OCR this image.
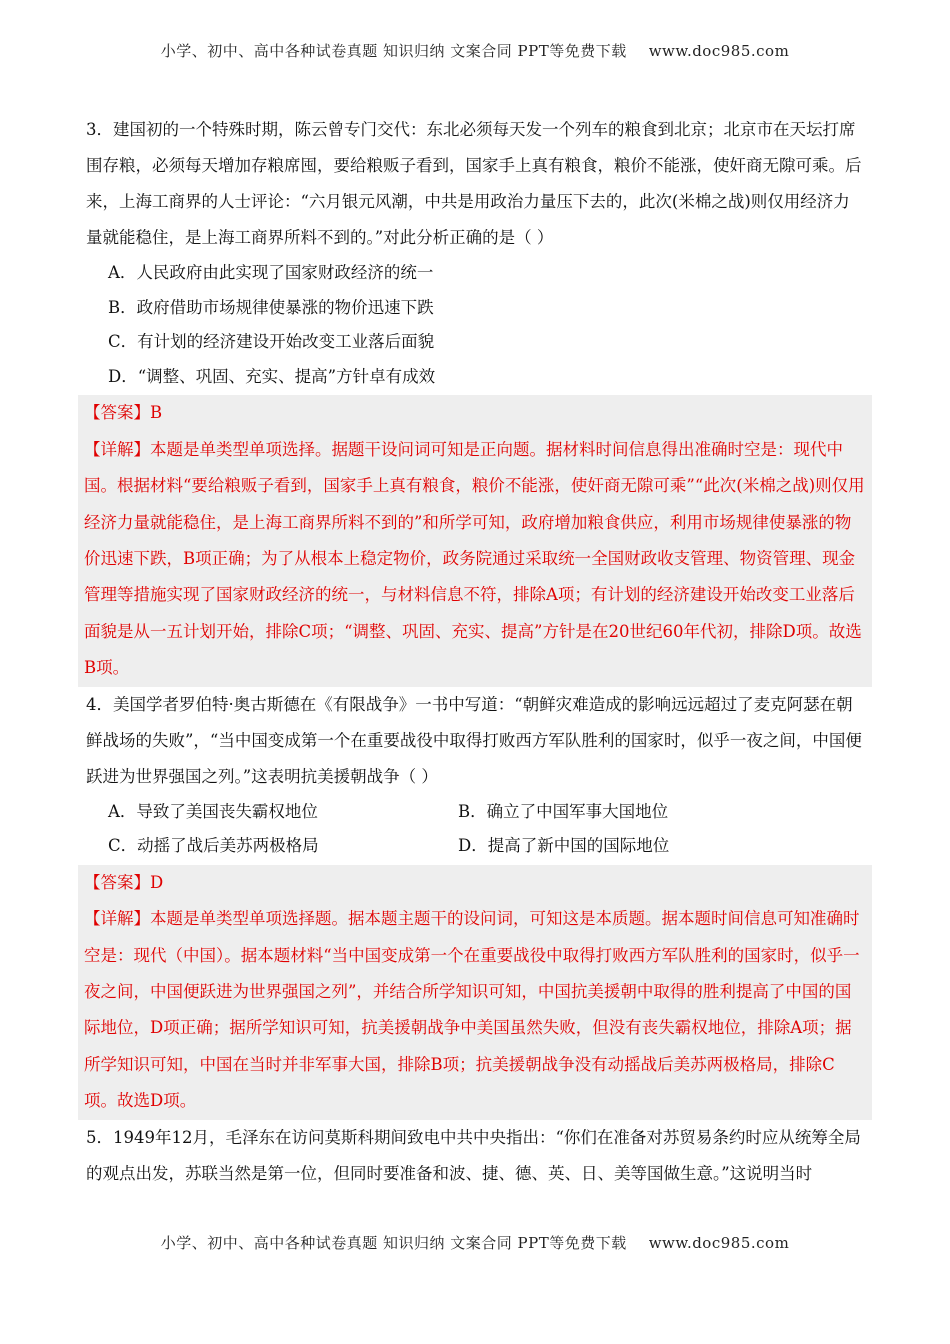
小学、初中、高中各种试卷真题 知识归纳 文案合同 PPT等免费下载 www.doc985.com

3．建国初的一个特殊时期，陈云曾专门交代：东北必须每天发一个列车的粮食到北京；北京市在天坛打席围存粮，必须每天增加存粮席囤，要给粮贩子看到，国家手上真有粮食，粮价不能涨，使奸商无隙可乘。后来，上海工商界的人士评论：“六月银元风潮，中共是用政治力量压下去的，此次(米棉之战)则仅用经济力量就能稳住，是上海工商界所料不到的。”对此分析正确的是（ ）

A．人民政府由此实现了国家财政经济的统一
B．政府借助市场规律使暴涨的物价迅速下跌
C．有计划的经济建设开始改变工业落后面貌
D．“调整、巩固、充实、提高”方针卓有成效
【答案】B
【详解】本题是单类型单项选择。据题干设问词可知是正向题。据材料时间信息得出准确时空是：现代中国。根据材料“要给粮贩子看到，国家手上真有粮食，粮价不能涨，使奸商无隙可乘”“此次(米棉之战)则仅用经济力量就能稳住，是上海工商界所料不到的”和所学可知，政府增加粮食供应，利用市场规律使暴涨的物价迅速下跌，B项正确；为了从根本上稳定物价，政务院通过采取统一全国财政收支管理、物资管理、现金管理等措施实现了国家财政经济的统一，与材料信息不符，排除A项；有计划的经济建设开始改变工业落后面貌是从一五计划开始，排除C项；“调整、巩固、充实、提高”方针是在20世纪60年代初，排除D项。故选B项。

4．美国学者罗伯特·奥古斯德在《有限战争》一书中写道：“朝鲜灾难造成的影响远远超过了麦克阿瑟在朝鲜战场的失败”，“当中国变成第一个在重要战役中取得打败西方军队胜利的国家时，似乎一夜之间，中国便跃进为世界强国之列。”这表明抗美援朝战争（ ）

A．导致了美国丧失霸权地位	B．确立了中国军事大国地位
C．动摇了战后美苏两极格局	D．提高了新中国的国际地位
【答案】D
【详解】本题是单类型单项选择题。据本题主题干的设问词，可知这是本质题。据本题时间信息可知准确时空是：现代（中国）。据本题材料“当中国变成第一个在重要战役中取得打败西方军队胜利的国家时，似乎一夜之间，中国便跃进为世界强国之列”，并结合所学知识可知，中国抗美援朝中取得的胜利提高了中国的国际地位，D项正确；据所学知识可知，抗美援朝战争中美国虽然失败，但没有丧失霸权地位，排除A项；据所学知识可知，中国在当时并非军事大国，排除B项；抗美援朝战争没有动摇战后美苏两极格局，排除C项。故选D项。

5．1949年12月，毛泽东在访问莫斯科期间致电中共中央指出：“你们在准备对苏贸易条约时应从统筹全局的观点出发，苏联当然是第一位，但同时要准备和波、捷、德、英、日、美等国做生意。”这说明当时

小学、初中、高中各种试卷真题 知识归纳 文案合同 PPT等免费下载 www.doc985.com
